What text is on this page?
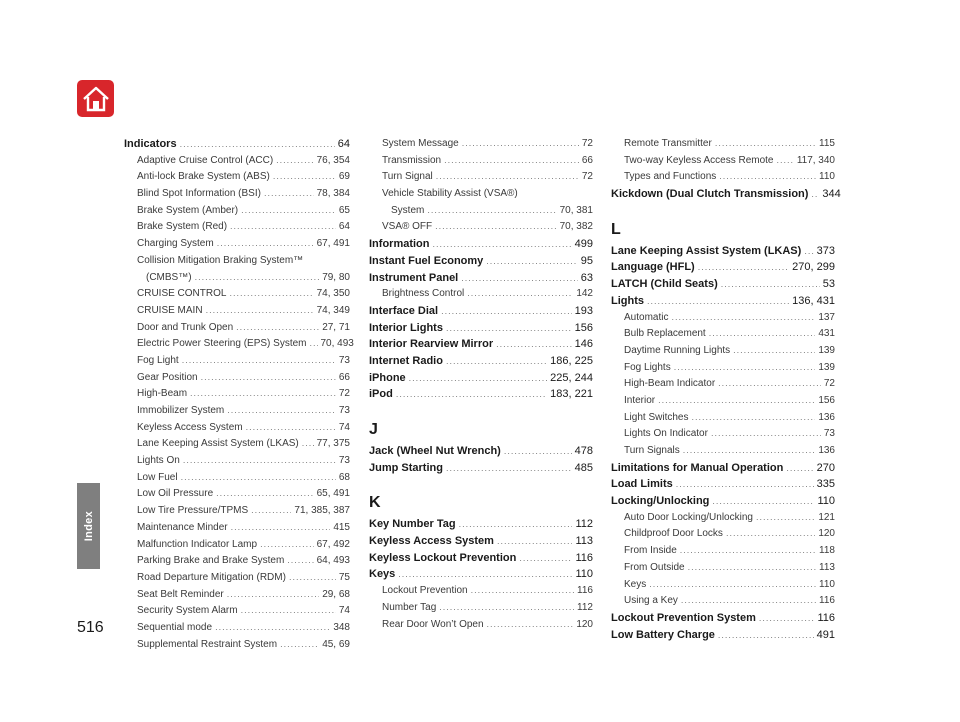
Index
516
Indicators .....	64
Adaptive Cruise Control (ACC) .....	76, 354
Anti-lock Brake System (ABS) .....	69
Blind Spot Information (BSI) .....	78, 384
Brake System (Amber) .....	65
Brake System (Red) .....	64
Charging System .....	67, 491
Collision Mitigation Braking System™
(CMBS™) .....	79, 80
CRUISE CONTROL .....	74, 350
CRUISE MAIN .....	74, 349
Door and Trunk Open .....	27, 71
Electric Power Steering (EPS) System ..... 70, 493
Fog Light .....	73
Gear Position .....	66
High-Beam .....	72
Immobilizer System .....	73
Keyless Access System .....	74
Lane Keeping Assist System (LKAS) ..... 77, 375
Lights On .....	73
Low Fuel .....	68
Low Oil Pressure .....	65, 491
Low Tire Pressure/TPMS .....	71, 385, 387
Maintenance Minder .....	415
Malfunction Indicator Lamp .....	67, 492
Parking Brake and Brake System .....	64, 493
Road Departure Mitigation (RDM) .....	75
Seat Belt Reminder .....	29, 68
Security System Alarm .....	74
Sequential mode .....	348
Supplemental Restraint System .....	45, 69
System Message .....	72
Transmission .....	66
Turn Signal .....	72
Vehicle Stability Assist (VSA®)
System .....	70, 381
VSA® OFF .....	70, 382
Information .....	499
Instant Fuel Economy .....	95
Instrument Panel .....	63
Brightness Control .....	142
Interface Dial .....	193
Interior Lights .....	156
Interior Rearview Mirror .....	146
Internet Radio .....	186, 225
iPhone .....	225, 244
iPod .....	183, 221
J
Jack (Wheel Nut Wrench) .....	478
Jump Starting .....	485
K
Key Number Tag .....	112
Keyless Access System .....	113
Keyless Lockout Prevention .....	116
Keys .....	110
Lockout Prevention .....	116
Number Tag .....	112
Rear Door Won’t Open .....	120
Remote Transmitter .....	115
Two-way Keyless Access Remote ..... 117, 340
Types and Functions .....	110
Kickdown (Dual Clutch Transmission) ..... 344
L
Lane Keeping Assist System (LKAS) ..... 373
Language (HFL) .....	270, 299
LATCH (Child Seats) .....	53
Lights .....	136, 431
Automatic .....	137
Bulb Replacement .....	431
Daytime Running Lights .....	139
Fog Lights .....	139
High-Beam Indicator .....	72
Interior .....	156
Light Switches .....	136
Lights On Indicator .....	73
Turn Signals .....	136
Limitations for Manual Operation .....	270
Load Limits .....	335
Locking/Unlocking .....	110
Auto Door Locking/Unlocking .....	121
Childproof Door Locks .....	120
From Inside .....	118
From Outside .....	113
Keys .....	110
Using a Key .....	116
Lockout Prevention System .....	116
Low Battery Charge .....	491
